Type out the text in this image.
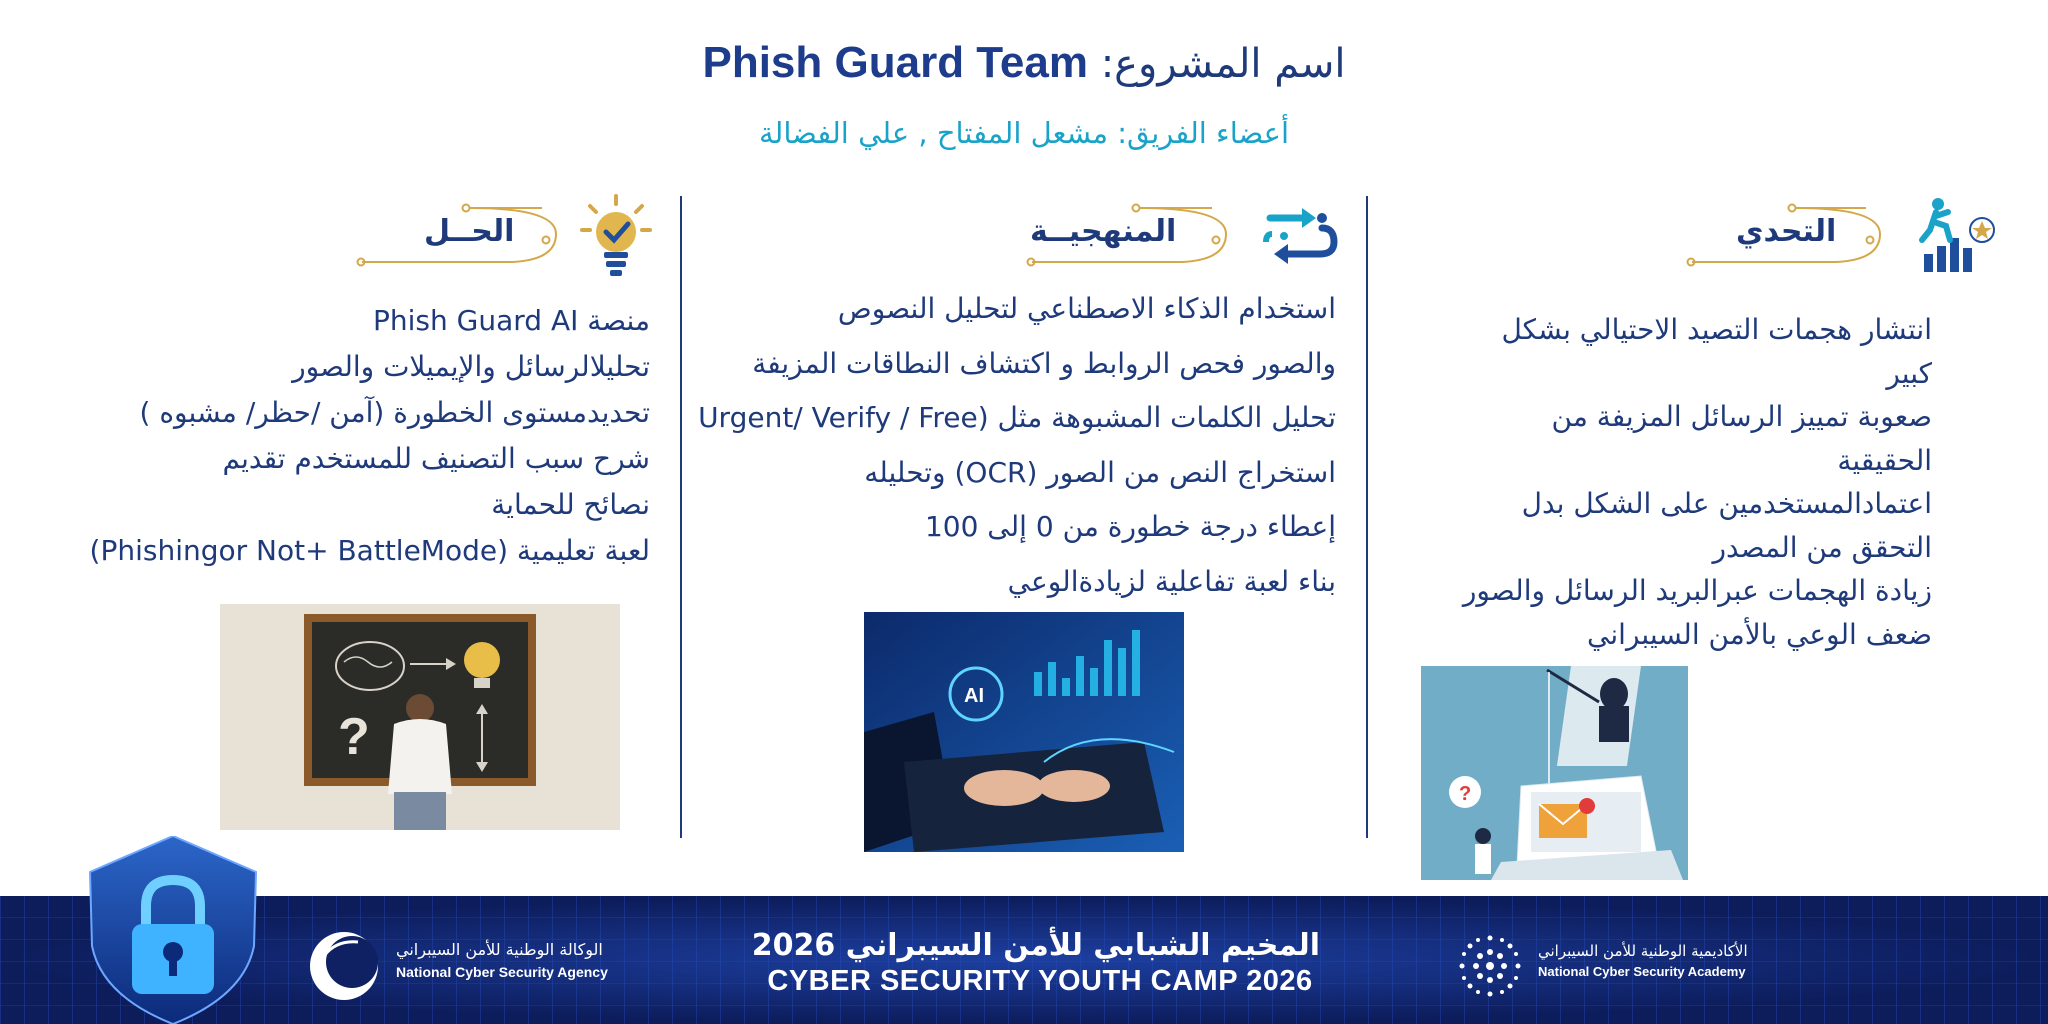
اسم المشروع: Phish Guard Team
أعضاء الفريق: مشعل المفتاح , علي الفضالة
التحدي
انتشار هجمات التصيد الاحتيالي بشكل
كبير
صعوبة تمييز الرسائل المزيفة من
الحقيقية
اعتمادالمستخدمين على الشكل بدل
التحقق من المصدر
زيادة الهجمات عبرالبريد الرسائل والصور
ضعف الوعي بالأمن السيبراني
?
المنهجيــة
استخدام الذكاء الاصطناعي لتحليل النصوص
والصور فحص الروابط و اكتشاف النطاقات المزيفة
تحليل الكلمات المشبوهة مثل (Urgent/ Verify / Free
استخراج النص من الصور (OCR) وتحليله
إعطاء درجة خطورة من 0 إلى 100
بناء لعبة تفاعلية لزيادةالوعي
AI
الحــل
منصة Phish Guard AI
تحليلالرسائل والإيميلات والصور
تحديدمستوى الخطورة (آمن /حظر/ مشبوه )
شرح سبب التصنيف للمستخدم تقديم
نصائح للحماية
لعبة تعليمية (Phishingor Not+ BattleMode)
?
الوكالة الوطنية للأمن السيبراني
National Cyber Security Agency
المخيم الشبابي للأمن السيبراني 2026
CYBER SECURITY YOUTH CAMP 2026
الأكاديمية الوطنية للأمن السيبراني
National Cyber Security Academy
